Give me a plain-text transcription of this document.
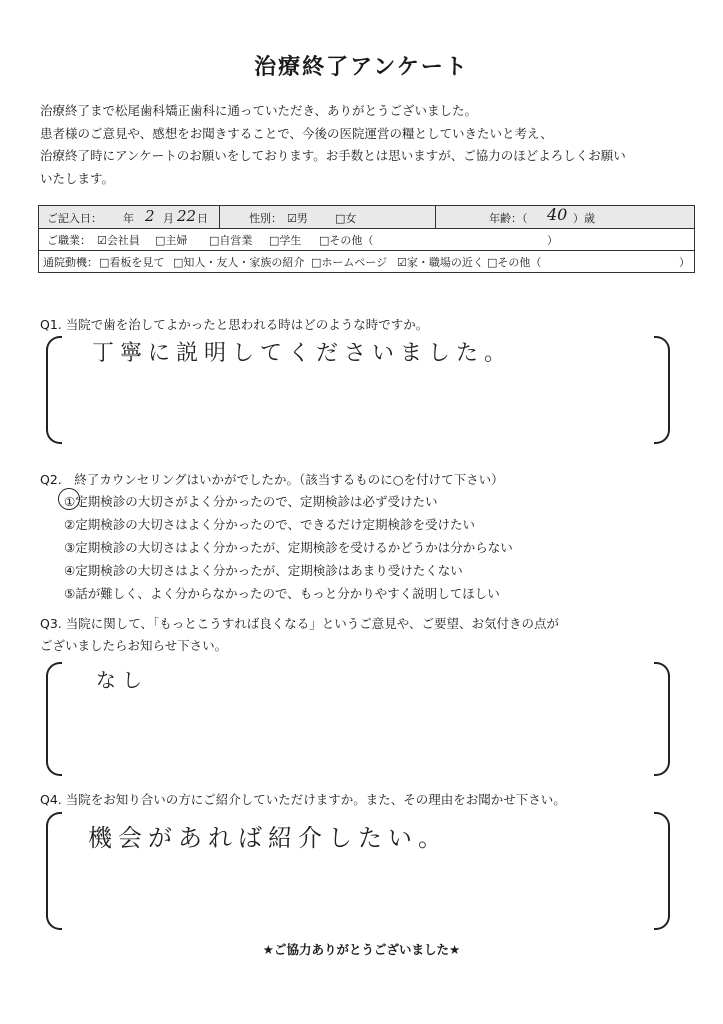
治療終了アンケート
治療終了まで松尾歯科矯正歯科に通っていただき、ありがとうございました。
患者様のご意見や、感想をお聞きすることで、今後の医院運営の糧としていきたいと考え、
治療終了時にアンケートのお願いをしております。お手数とは思いますが、ご協力のほどよろしくお願い
いたします。
ご記入日： 年 2 月 22 日	性別： ☑男 □女	年齢：（ 40 ）歳
ご職業： ☑会社員 □主婦 □自営業 □学生 □その他（	）
通院動機： □看板を見て □知人・友人・家族の紹介 □ホームページ ☑家・職場の近く □その他（	）
Q1. 当院で歯を治してよかったと思われる時はどのような時ですか。
丁寧に説明してくださいました。
Q2.　終了カウンセリングはいかがでしたか。（該当するものに○を付けて下さい）
①定期検診の大切さがよく分かったので、定期検診は必ず受けたい
②定期検診の大切さはよく分かったので、できるだけ定期検診を受けたい
③定期検診の大切さはよく分かったが、定期検診を受けるかどうかは分からない
④定期検診の大切さはよく分かったが、定期検診はあまり受けたくない
⑤話が難しく、よく分からなかったので、もっと分かりやすく説明してほしい
Q3. 当院に関して、「もっとこうすれば良くなる」というご意見や、ご要望、お気付きの点が
ございましたらお知らせ下さい。
なし
Q4. 当院をお知り合いの方にご紹介していただけますか。また、その理由をお聞かせ下さい。
機会があれば紹介したい。
★ご協力ありがとうございました★
